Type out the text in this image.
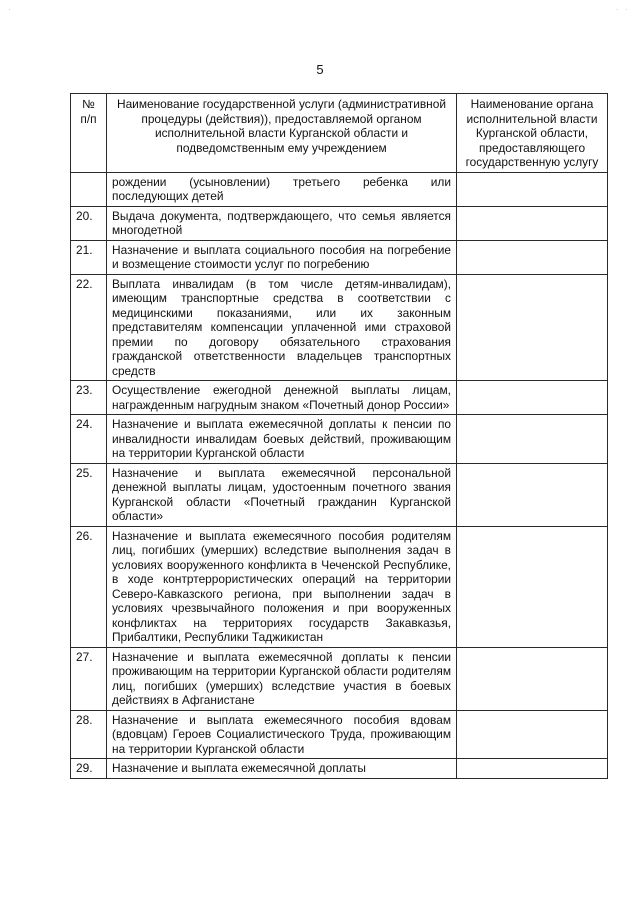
·	· ·
5
№ п/п	Наименование государственной услуги (административной процедуры (действия)), предоставляемой органом исполнительной власти Курганской области и подведомственным ему учреждением	Наименование органа исполнительной власти Курганской области, предоставляющего государственную услугу
	рождении (усыновлении) третьего ребенка или последующих детей	
20.	Выдача документа, подтверждающего, что семья является многодетной	
21.	Назначение и выплата социального пособия на погребение и возмещение стоимости услуг по погребению	
22.	Выплата инвалидам (в том числе детям-инвалидам), имеющим транспортные средства в соответствии с медицинскими показаниями, или их законным представителям компенсации уплаченной ими страховой премии по договору обязательного страхования гражданской ответственности владельцев транспортных средств	
23.	Осуществление ежегодной денежной выплаты лицам, награжденным нагрудным знаком «Почетный донор России»	
24.	Назначение и выплата ежемесячной доплаты к пенсии по инвалидности инвалидам боевых действий, проживающим на территории Курганской области	
25.	Назначение и выплата ежемесячной персональной денежной выплаты лицам, удостоенным почетного звания Курганской области «Почетный гражданин Курганской области»	
26.	Назначение и выплата ежемесячного пособия родителям лиц, погибших (умерших) вследствие выполнения задач в условиях вооруженного конфликта в Чеченской Республике, в ходе контртеррористических операций на территории Северо-Кавказского региона, при выполнении задач в условиях чрезвычайного положения и при вооруженных конфликтах на территориях государств Закавказья, Прибалтики, Республики Таджикистан	
27.	Назначение и выплата ежемесячной доплаты к пенсии проживающим на территории Курганской области родителям лиц, погибших (умерших) вследствие участия в боевых действиях в Афганистане	
28.	Назначение и выплата ежемесячного пособия вдовам (вдовцам) Героев Социалистического Труда, проживающим на территории Курганской области	
29.	Назначение и выплата ежемесячной доплаты	
